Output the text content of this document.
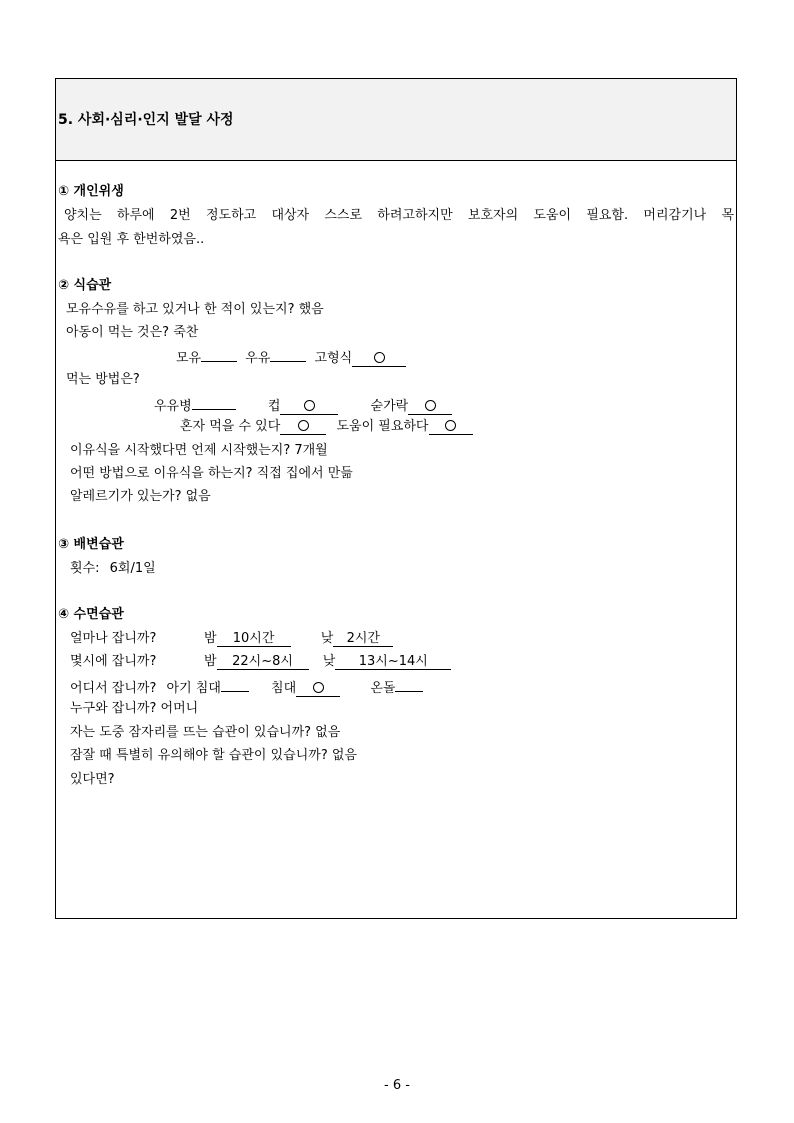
5. 사회·심리·인지 발달 사정
① 개인위생
양치는 하루에 2번 정도하고 대상자 스스로 하려고하지만 보호자의 도움이 필요함. 머리감기나 목
욕은 입원 후 한번하였음..
② 식습관
모유수유를 하고 있거나 한 적이 있는지? 했음
아동이 먹는 것은? 죽찬
모유	우유	고형식
먹는 방법은?
우유병	컵	숟가락
혼자 먹을 수 있다	도움이 필요하다
이유식을 시작했다면 언제 시작했는지? 7개월
어떤 방법으로 이유식을 하는지? 직접 집에서 만듦
알레르기가 있는가? 없음
③ 배변습관
횟수: 6회/1일
④ 수면습관
얼마나 잡니까?	밤 10시간	낮 2시간
몇시에 잡니까?	밤 22시~8시 낮 13시~14시
어디서 잡니까? 아기 침대	침대	온돌
누구와 잡니까? 어머니
자는 도중 잠자리를 뜨는 습관이 있습니까? 없음
잠잘 때 특별히 유의해야 할 습관이 있습니까? 없음
있다면?
- 6 -
